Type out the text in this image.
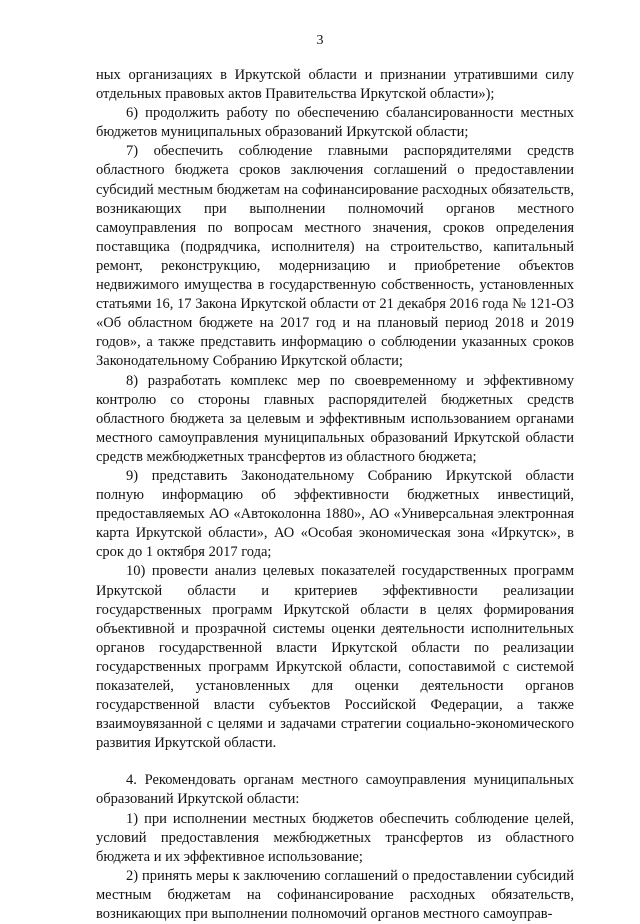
3

ных организациях в Иркутской области и признании утратившими силу отдельных правовых актов Правительства Иркутской области»);

6) продолжить работу по обеспечению сбалансированности местных бюджетов муниципальных образований Иркутской области;

7) обеспечить соблюдение главными распорядителями средств областного бюджета сроков заключения соглашений о предоставлении субсидий местным бюджетам на софинансирование расходных обязательств, возникающих при выполнении полномочий органов местного самоуправления по вопросам местного значения, сроков определения поставщика (подрядчика, исполнителя) на строительство, капитальный ремонт, реконструкцию, модернизацию и приобретение объектов недвижимого имущества в государственную собственность, установленных статьями 16, 17 Закона Иркутской области от 21 декабря 2016 года № 121-ОЗ «Об областном бюджете на 2017 год и на плановый период 2018 и 2019 годов», а также представить информацию о соблюдении указанных сроков Законодательному Собранию Иркутской области;

8) разработать комплекс мер по своевременному и эффективному контролю со стороны главных распорядителей бюджетных средств областного бюджета за целевым и эффективным использованием органами местного самоуправления муниципальных образований Иркутской области средств межбюджетных трансфертов из областного бюджета;

9) представить Законодательному Собранию Иркутской области полную информацию об эффективности бюджетных инвестиций, предоставляемых АО «Автоколонна 1880», АО «Универсальная электронная карта Иркутской области», АО «Особая экономическая зона «Иркутск», в срок до 1 октября 2017 года;

10) провести анализ целевых показателей государственных программ Иркутской области и критериев эффективности реализации государственных программ Иркутской области в целях формирования объективной и прозрачной системы оценки деятельности исполнительных органов государственной власти Иркутской области по реализации государственных программ Иркутской области, сопоставимой с системой показателей, установленных для оценки деятельности органов государственной власти субъектов Российской Федерации, а также взаимоувязанной с целями и задачами стратегии социально-экономического развития Иркутской области.

4. Рекомендовать органам местного самоуправления муниципальных образований Иркутской области:

1) при исполнении местных бюджетов обеспечить соблюдение целей, условий предоставления межбюджетных трансфертов из областного бюджета и их эффективное использование;

2) принять меры к заключению соглашений о предоставлении субсидий местным бюджетам на софинансирование расходных обязательств, возникающих при выполнении полномочий органов местного самоуправ-
